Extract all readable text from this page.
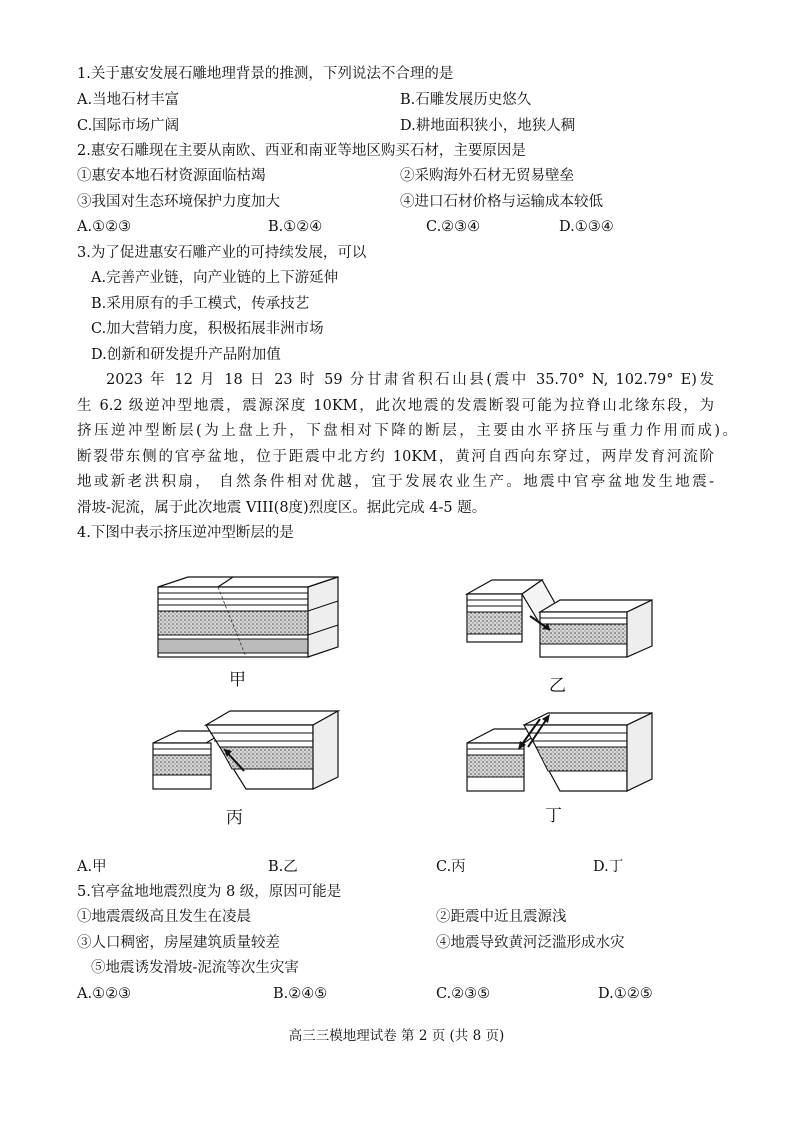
1.关于惠安发展石雕地理背景的推测，下列说法不合理的是
A.当地石材丰富	B.石雕发展历史悠久
C.国际市场广阔	D.耕地面积狭小，地狭人稠
2.惠安石雕现在主要从南欧、西亚和南亚等地区购买石材，主要原因是
①惠安本地石材资源面临枯竭	②采购海外石材无贸易壁垒
③我国对生态环境保护力度加大	④进口石材价格与运输成本较低
A.①②③	B.①②④	C.②③④	D.①③④
3.为了促进惠安石雕产业的可持续发展，可以
A.完善产业链，向产业链的上下游延伸
B.采用原有的手工模式，传承技艺
C.加大营销力度，积极拓展非洲市场
D.创新和研发提升产品附加值
2023 年 12 月 18 日 23 时 59 分甘肃省积石山县(震中 35.70° N, 102.79° E)发
生 6.2 级逆冲型地震，震源深度 10KM，此次地震的发震断裂可能为拉脊山北缘东段，为
挤压逆冲型断层(为上盘上升，下盘相对下降的断层，主要由水平挤压与重力作用而成)。
断裂带东侧的官亭盆地，位于距震中北方约 10KM，黄河自西向东穿过，两岸发育河流阶
地或新老洪积扇， 自然条件相对优越，宜于发展农业生产。地震中官亭盆地发生地震-
滑坡-泥流，属于此次地震 VIII(8度)烈度区。据此完成 4-5 题。
4.下图中表示挤压逆冲型断层的是
甲	乙
丙	丁
A.甲	B.乙	C.丙	D.丁
5.官亭盆地地震烈度为 8 级，原因可能是
①地震震级高且发生在凌晨	②距震中近且震源浅
③人口稠密，房屋建筑质量较差	④地震导致黄河泛滥形成水灾
⑤地震诱发滑坡-泥流等次生灾害
A.①②③	B.②④⑤	C.②③⑤	D.①②⑤
高三三模地理试卷 第 2 页 (共 8 页)
